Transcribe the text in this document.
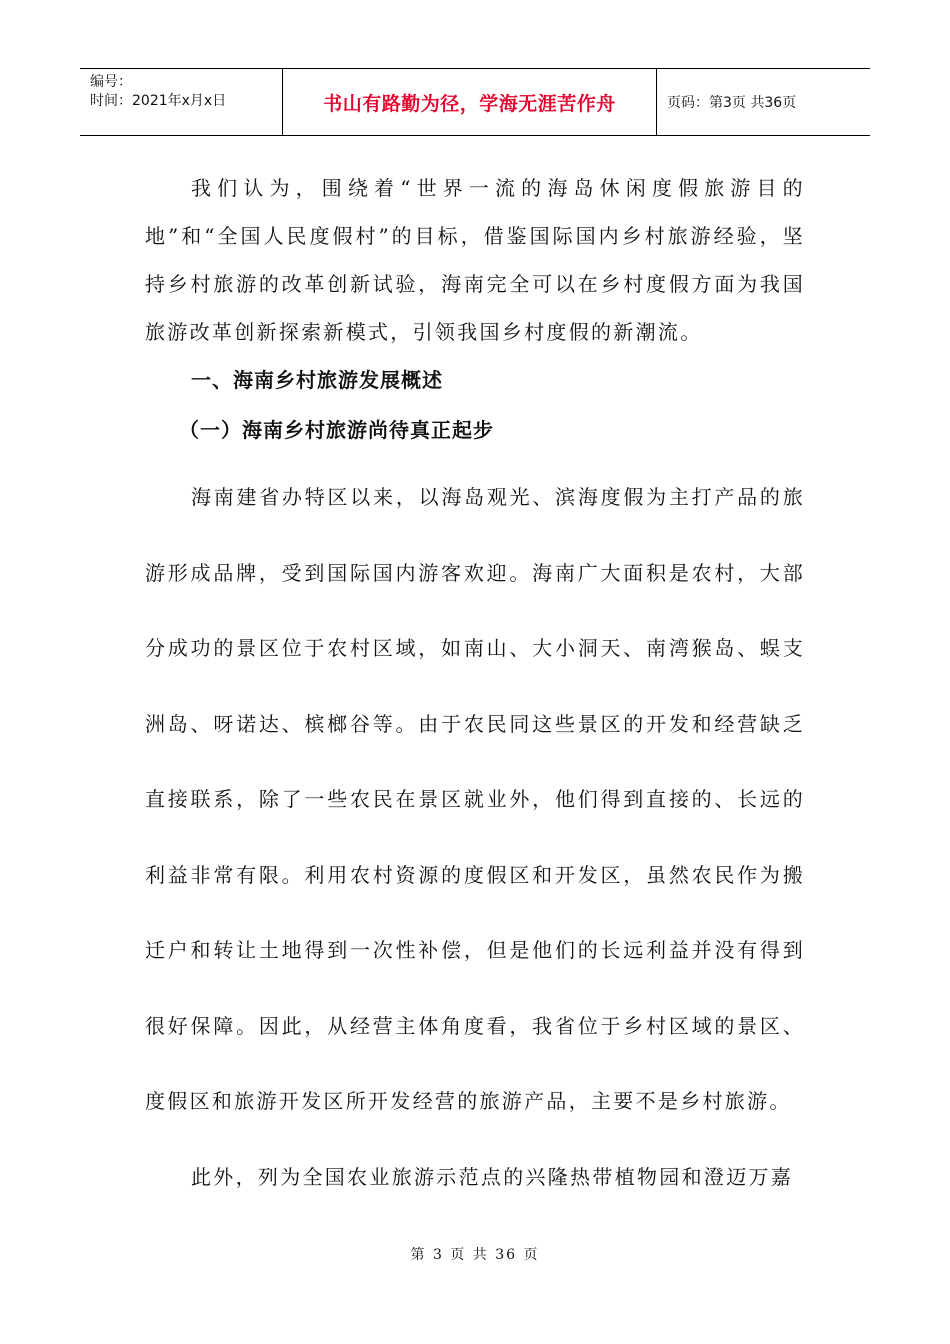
编号：
时间：2021年x月x日	书山有路勤为径，学海无涯苦作舟	页码：第3页 共36页

我们认为，围绕着“世界一流的海岛休闲度假旅游目的地”和“全国人民度假村”的目标，借鉴国际国内乡村旅游经验，坚持乡村旅游的改革创新试验，海南完全可以在乡村度假方面为我国旅游改革创新探索新模式，引领我国乡村度假的新潮流。

一、海南乡村旅游发展概述
（一）海南乡村旅游尚待真正起步

海南建省办特区以来，以海岛观光、滨海度假为主打产品的旅游形成品牌，受到国际国内游客欢迎。海南广大面积是农村，大部分成功的景区位于农村区域，如南山、大小洞天、南湾猴岛、蜈支洲岛、呀诺达、槟榔谷等。由于农民同这些景区的开发和经营缺乏直接联系，除了一些农民在景区就业外，他们得到直接的、长远的利益非常有限。利用农村资源的度假区和开发区，虽然农民作为搬迁户和转让土地得到一次性补偿，但是他们的长远利益并没有得到很好保障。因此，从经营主体角度看，我省位于乡村区域的景区、度假区和旅游开发区所开发经营的旅游产品，主要不是乡村旅游。

此外，列为全国农业旅游示范点的兴隆热带植物园和澄迈万嘉

第 3 页 共 36 页
